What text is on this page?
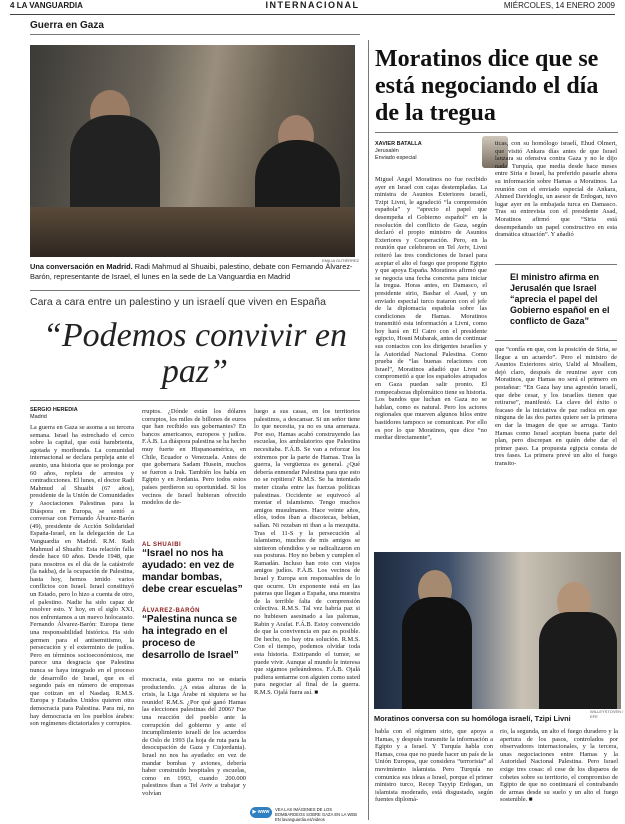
4 LA VANGUARDIA	INTERNACIONAL	MIÉRCOLES, 14 ENERO 2009
Guerra en Gaza
EMILIA GUTIÉRREZ
Una conversación en Madrid. Radi Mahmud al Shuaibi, palestino, debate con Fernando Álvarez-Barón, representante de Israel, el lunes en la sede de La Vanguardia en Madrid
Cara a cara entre un palestino y un israelí que viven en España
“Podemos convivir en paz”
SERGIO HEREDIA
Madrid
La guerra en Gaza se asoma a su tercera semana. Israel ha estrechado el cerco sobre la capital, que está hambrienta, agotada y moribunda. La comunidad internacional se declara perpleja ante el asunto, una historia que se prolonga por 60 años, repleta de arrestos y contradicciones. El lunes, el doctor Radi Mahmud al Shuaibi (67 años), presidente de la Unión de Comunidades y Asociaciones Palestinas para la Diáspora en Europa, se sentó a conversar con Fernando Álvarez-Barón (49), presidente de Acción Solidaridad España-Israel, en la delegación de La Vanguardia en Madrid. R.M. Radi Mahmud al Shuaibi: Esta relación falla desde hace 60 años. Desde 1948, que para nosotros es el día de la catástrofe (la nakba), de la ocupación de Palestina, hasta hoy, hemos tenido varios conflictos con Israel. Israel constituyó un Estado, pero lo hizo a cuenta de otro, el palestino. Nadie ha sido capaz de resolver esto. Y hoy, en el siglo XXI, nos enfrentamos a un nuevo holocausto. Fernando Álvarez-Barón: Europa tiene una responsabilidad histórica. Ha sido germen para el antisemitismo, la persecución y el exterminio de judíos. Pero en términos socioeconómicos, me parece una desgracia que Palestina nunca se haya integrado en el proceso de desarrollo de Israel, que es el segundo país en número de empresas que cotizan en el Nasdaq. R.M.S. Europa y Estados Unidos quieren otra democracia para Palestina. Para mí, no hay democracia en los pueblos árabes: son regímenes dictatoriales y corruptos.
rruptos. ¿Dónde están los dólares corruptos, los miles de billones de euros que han recibido sus gobernantes? En bancos americanos, europeos y judíos. F.Á.B. La diáspora palestina se ha hecho muy fuerte en Hispanoamérica, en Chile, Ecuador o Venezuela. Antes de que gobernara Sadam Husein, muchos se fueron a Irak. También los había en Egipto y en Jordania. Pero todos estos países perdieron su oportunidad. Si los vecinos de Israel hubieran ofrecido modelos de de-
AL SHUAIBI
“Israel no nos ha ayudado: en vez de mandar bombas, debe crear escuelas”
ÁLVAREZ-BARÓN
“Palestina nunca se ha integrado en el proceso de desarrollo de Israel”
mocracia, esta guerra no se estaría produciendo. ¿A estas alturas de la crisis, la Liga Árabe ni siquiera se ha reunido! R.M.S. ¿Por qué ganó Hamas las elecciones palestinas del 2006? Fue una reacción del pueblo ante la corrupción del gobierno y ante el incumplimiento israelí de los acuerdos de Oslo de 1993 (la hoja de ruta para la desocupación de Gaza y Cisjordania). Israel no nos ha ayudado: en vez de mandar bombas y aviones, debería haber construido hospitales y escuelas, como en 1993, cuando 200.000 palestinos iban a Tel Aviv a trabajar y volvían
luego a sus casas, en los territorios palestinos, a descansar. Si un señor tiene lo que necesita, ya no es una amenaza. Por eso, Hamas acabó construyendo las escuelas, los ambulatorios que Palestina necesitaba. F.Á.B. Se van a reforzar los extremos por la parte de Hamas. Tras la guerra, la vergüenza es general. ¿Qué debería enmendar Palestina para que esto no se repitiera? R.M.S. Se ha intentado meter cizaña entre las fuerzas políticas palestinas. Occidente se equivocó al montar el islamismo. Tengo muchos amigos musulmanes. Hace veinte años, ellos, todos iban a discotecas, bebían, salían. Ni rezaban ni iban a la mezquita. Tras el 11-S y la persecución al islamismo, muchos de mis amigos se sintieron ofendidos y se radicalizaron en sus posturas. Hoy no beben y cumplen el Ramadán. Incluso han roto con viejos amigos judíos. F.Á.B. Los vecinos de Israel y Europa son responsables de lo que ocurre. Un exponente está en las pateras que llegan a España, una muestra de la terrible falta de comprensión colectiva. R.M.S. Tal vez habría paz si no hubiesen asesinado a las palomas, Rabin y Arafat. F.Á.B. Estoy convencido de que la convivencia en paz es posible. De hecho, no hay otra solución. R.M.S. Con el tiempo, podemos olvidar toda esta historia. Extirpando el tumor, se puede vivir. Aunque al mundo le interesa que sigamos peleándonos. F.Á.B. Ojalá pudiera sentarme con alguien como usted para negociar al final de la guerra. R.M.S. Ojalá fuera así. ■
▶ www	VEA LAS IMÁGENES DE LOS BOMBARDEOS SOBRE GAZA EN LA WEB EN lavanguardia.es/videos
Moratinos dice que se está negociando el día de la tregua
XAVIER BATALLA
Jerusalén
Enviado especial
Miguel Ángel Moratinos no fue recibido ayer en Israel con cajas destempladas. La ministra de Asuntos Exteriores israelí, Tzipi Livni, le agradeció “la comprensión española” y “aprecio el papel que desempeña el Gobierno español” en la resolución del conflicto de Gaza, según declaró el propio ministro de Asuntos Exteriores y Cooperación. Pero, en la reunión que celebraron en Tel Aviv, Livni reiteró las tres condiciones de Israel para aceptar el alto el fuego que propone Egipto y que apoya España. Moratinos afirmó que se negocia una fecha concreta para iniciar la tregua. Horas antes, en Damasco, el presidente sirio, Bashar el Asad, y un enviado especial turco trataron con el jefe de la diplomacia española sobre las condiciones de Hamas. Moratinos transmitió esta información a Livni, como hoy hará en El Cairo con el presidente egipcio, Hosni Mubarak, antes de continuar sus contactos con los dirigentes israelíes y la Autoridad Nacional Palestina. Como prueba de “las buenas relaciones con Israel”, Moratinos añadió que Livni se comprometió a que los españoles atrapados en Gaza puedan salir pronto. El rompecabezas diplomático tiene su historia. Los bandos que luchan en Gaza no se hablan, como es natural. Pero los actores regionales que mueven algunos hilos entre bastidores tampoco se comunican. Por ello es por lo que Moratinos, que dice “no mediar directamente”,
ticas, con su homólogo israelí, Ehud Olmert, que visitó Ankara días antes de que Israel lanzara su ofensiva contra Gaza y no le dijo nada. Turquía, que media desde hace meses entre Siria e Israel, ha preferido pasarle ahora su información sobre Hamas a Moratinos. La reunión con el enviado especial de Ankara, Ahmed Davidoglu, un asesor de Erdogan, tuvo lugar ayer en la embajada turca en Damasco. Tras su entrevista con el presidente Asad, Moratinos afirmó que “Siria está desempeñando un papel constructivo en esta dramática situación”. Y añadió
El ministro afirma en Jerusalén que Israel “aprecia el papel del Gobierno español en el conflicto de Gaza”
que “confía en que, con la posición de Siria, se llegue a un acuerdo”. Pero el ministro de Asuntos Exteriores sirio, Ualid al Moallem, dejó claro, después de reunirse ayer con Moratinos, que Hamas no será el primero en pestañear: “En Gaza hay una agresión israelí, que debe cesar, y los israelíes tienen que retirarse”, manifestó. La clave del éxito o fracaso de la iniciativa de paz radica en que ninguna de las dos partes quiere ser la primera en dar la imagen de que se arruga. Tanto Hamas como Israel aceptan buena parte del plan, pero discrepan en quién debe dar el primer paso. La propuesta egipcia consta de tres fases. La primera prevé un alto el fuego transito-
WILLEYSTOVEN / EFE
Moratinos conversa con su homóloga israelí, Tzipi Livni
habla con el régimen sirio, que apoya a Hamas, y después transmite la información a Egipto y a Israel. Y Turquía habla con Hamas, cosa que no puede hacer un país de la Unión Europea, que considera “terrorista” al movimiento islamista. Pero Turquía no comunica sus ideas a Israel, porque el primer ministro turco, Recep Tayyip Erdogan, un islamista moderado, está disgustado, según fuentes diplomá-
rio, la segunda, un alto el fuego duradero y la apertura de los pasos, controlados por observadores internacionales, y la tercera, unas negociaciones entre Hamas y la Autoridad Nacional Palestina. Pero Israel exige tres cosas: el cese de los disparos de cohetes sobre su territorio, el compromiso de Egipto de que no continuará el contrabando de armas desde su suelo y un alto el fuego sostenible. ■
